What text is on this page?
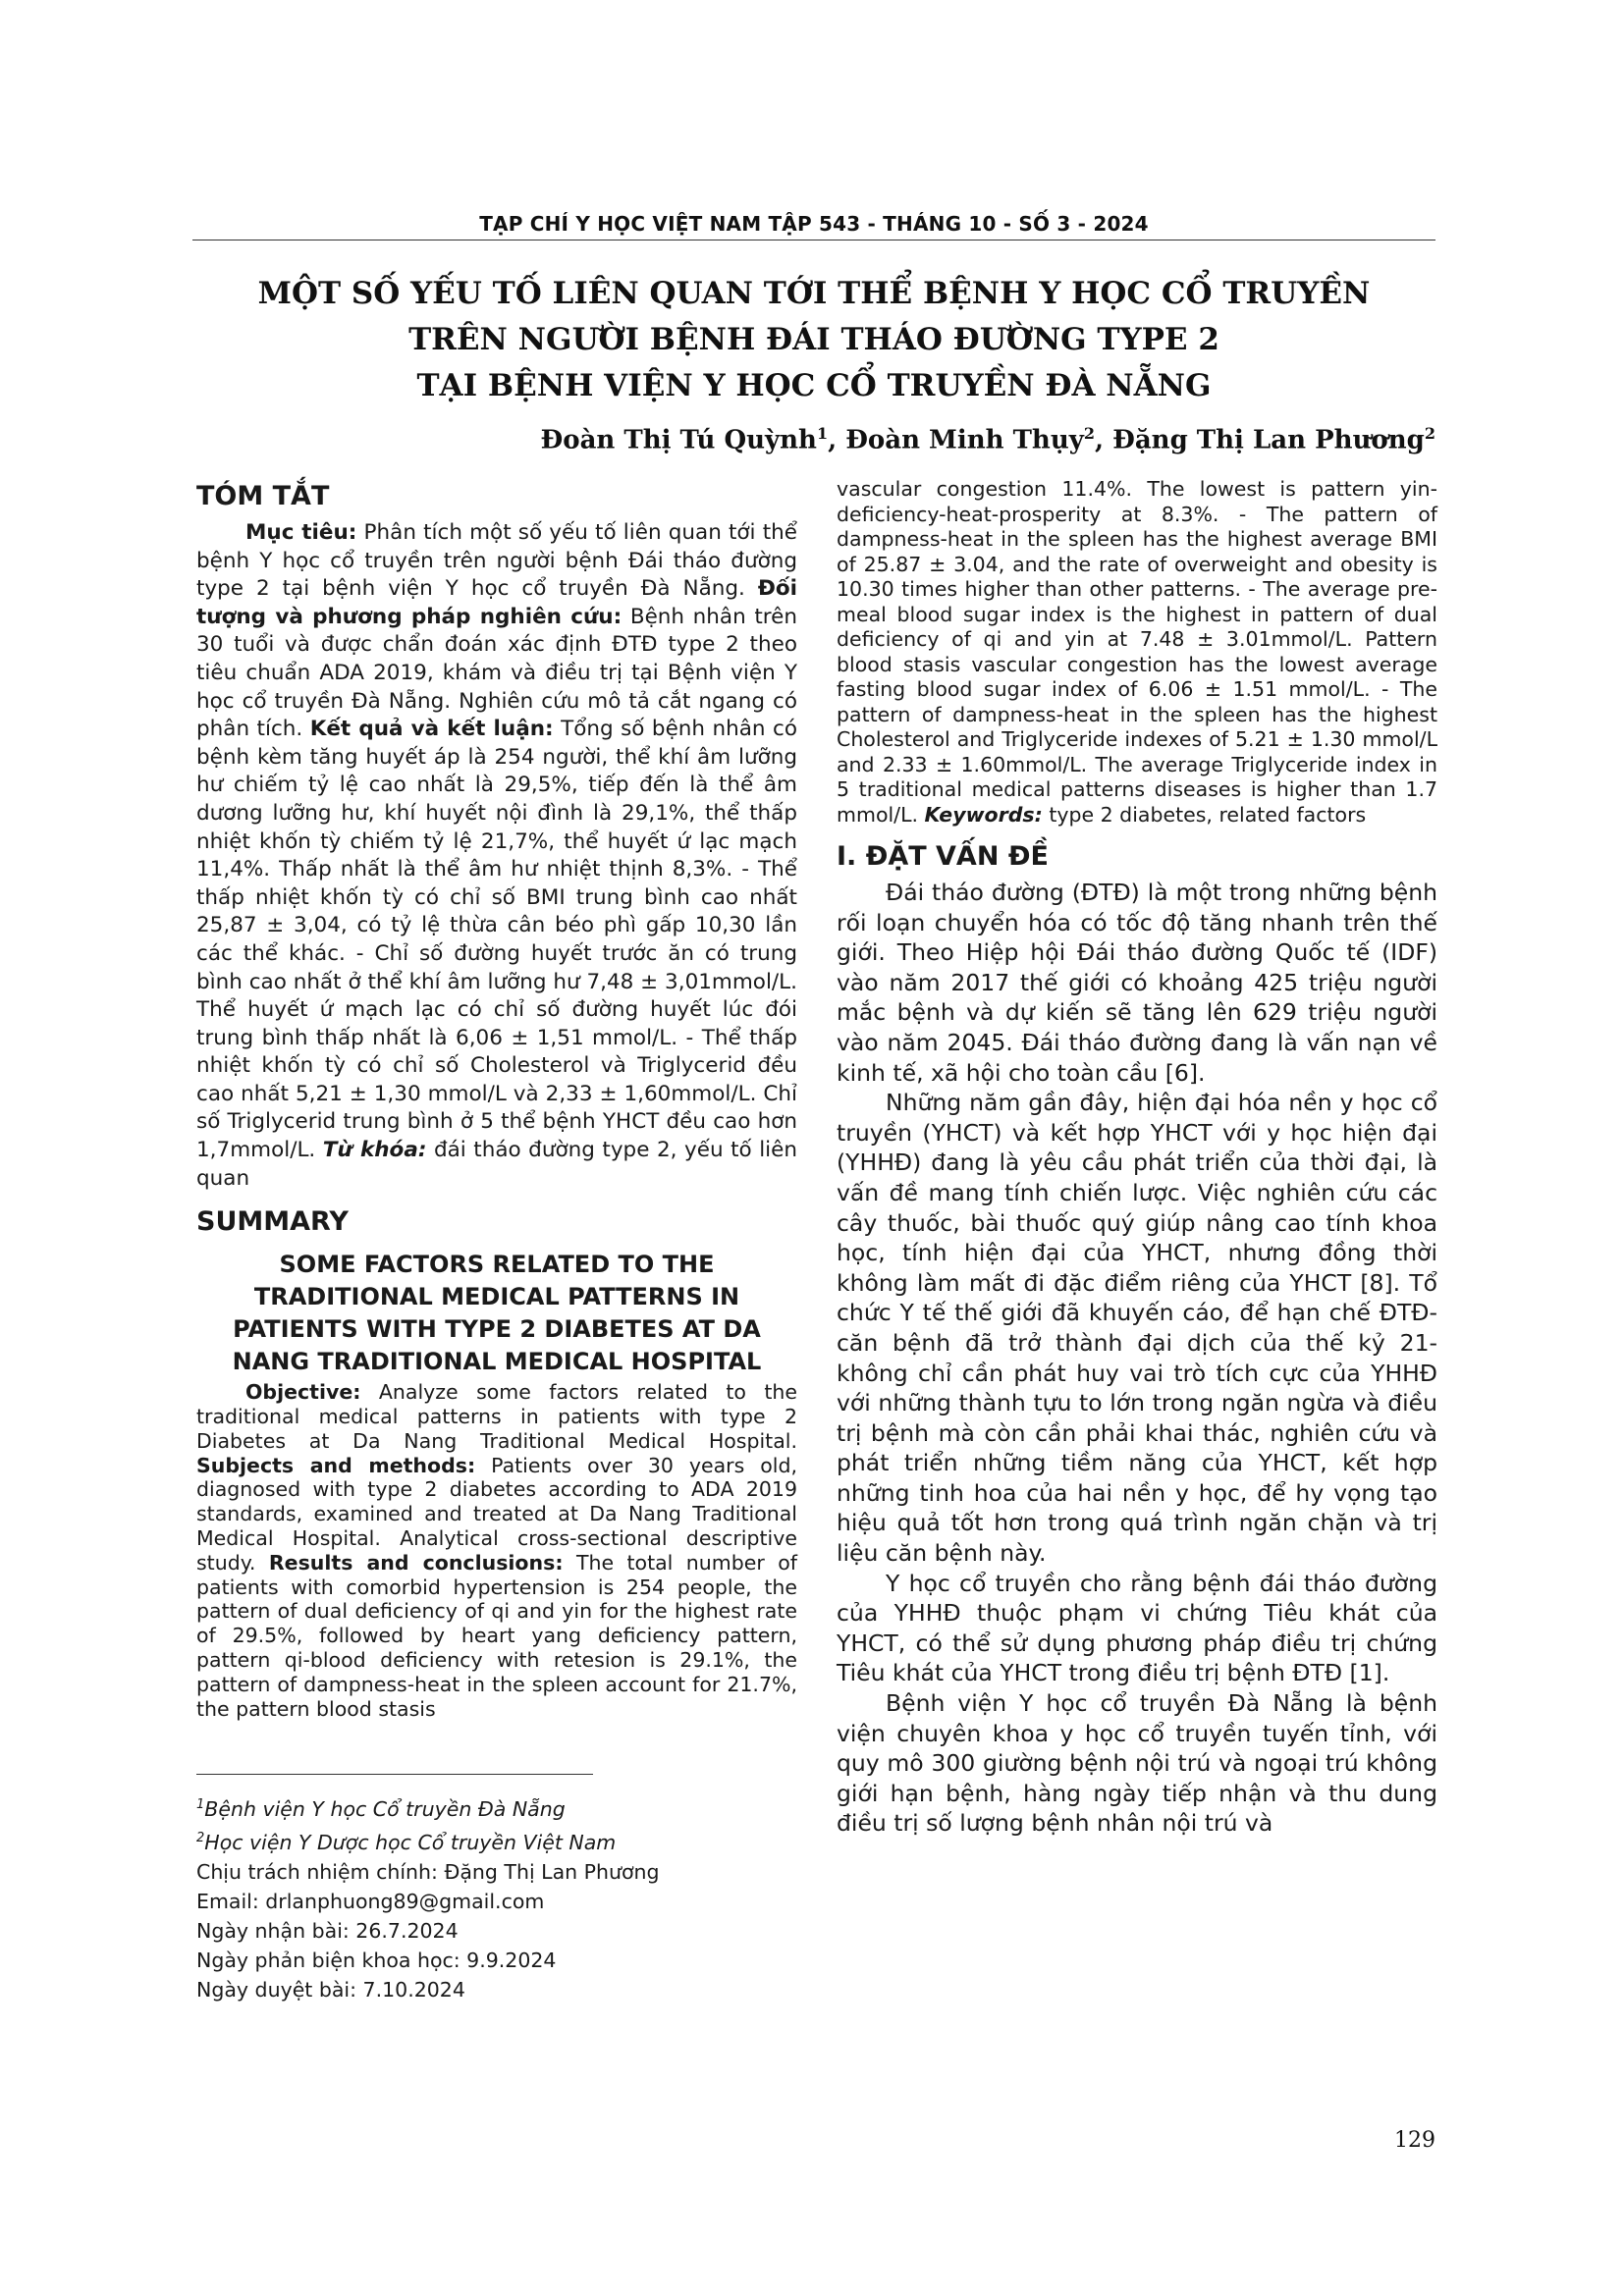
TẠP CHÍ Y HỌC VIỆT NAM TẬP 543 - THÁNG 10 - SỐ 3 - 2024
MỘT SỐ YẾU TỐ LIÊN QUAN TỚI THỂ BỆNH Y HỌC CỔ TRUYỀN
TRÊN NGƯỜI BỆNH ĐÁI THÁO ĐƯỜNG TYPE 2
TẠI BỆNH VIỆN Y HỌC CỔ TRUYỀN ĐÀ NẴNG
Đoàn Thị Tú Quỳnh$^1$, Đoàn Minh Thụy$^2$, Đặng Thị Lan Phương$^2$
TÓM TẮT

Mục tiêu: Phân tích một số yếu tố liên quan tới thể bệnh Y học cổ truyền trên người bệnh Đái tháo đường type 2 tại bệnh viện Y học cổ truyền Đà Nẵng. Đối tượng và phương pháp nghiên cứu: Bệnh nhân trên 30 tuổi và được chẩn đoán xác định ĐTĐ type 2 theo tiêu chuẩn ADA 2019, khám và điều trị tại Bệnh viện Y học cổ truyền Đà Nẵng. Nghiên cứu mô tả cắt ngang có phân tích. Kết quả và kết luận: Tổng số bệnh nhân có bệnh kèm tăng huyết áp là 254 người, thể khí âm lưỡng hư chiếm tỷ lệ cao nhất là 29,5%, tiếp đến là thể âm dương lưỡng hư, khí huyết nội đình là 29,1%, thể thấp nhiệt khốn tỳ chiếm tỷ lệ 21,7%, thể huyết ứ lạc mạch 11,4%. Thấp nhất là thể âm hư nhiệt thịnh 8,3%. - Thể thấp nhiệt khốn tỳ có chỉ số BMI trung bình cao nhất 25,87 ± 3,04, có tỷ lệ thừa cân béo phì gấp 10,30 lần các thể khác. - Chỉ số đường huyết trước ăn có trung bình cao nhất ở thể khí âm lưỡng hư 7,48 ± 3,01mmol/L. Thể huyết ứ mạch lạc có chỉ số đường huyết lúc đói trung bình thấp nhất là 6,06 ± 1,51 mmol/L. - Thể thấp nhiệt khốn tỳ có chỉ số Cholesterol và Triglycerid đều cao nhất 5,21 ± 1,30 mmol/L và 2,33 ± 1,60mmol/L. Chỉ số Triglycerid trung bình ở 5 thể bệnh YHCT đều cao hơn 1,7mmol/L. Từ khóa: đái tháo đường type 2, yếu tố liên quan

SUMMARY
SOME FACTORS RELATED TO THE TRADITIONAL MEDICAL PATTERNS IN PATIENTS WITH TYPE 2 DIABETES AT DA NANG TRADITIONAL MEDICAL HOSPITAL

Objective: Analyze some factors related to the traditional medical patterns in patients with type 2 Diabetes at Da Nang Traditional Medical Hospital. Subjects and methods: Patients over 30 years old, diagnosed with type 2 diabetes according to ADA 2019 standards, examined and treated at Da Nang Traditional Medical Hospital. Analytical cross-sectional descriptive study. Results and conclusions: The total number of patients with comorbid hypertension is 254 people, the pattern of dual deficiency of qi and yin for the highest rate of 29.5%, followed by heart yang deficiency pattern, pattern qi-blood deficiency with retesion is 29.1%, the pattern of dampness-heat in the spleen account for 21.7%, the pattern blood stasis

$^1$Bệnh viện Y học Cổ truyền Đà Nẵng
$^2$Học viện Y Dược học Cổ truyền Việt Nam
Chịu trách nhiệm chính: Đặng Thị Lan Phương
Email: drlanphuong89@gmail.com
Ngày nhận bài: 26.7.2024
Ngày phản biện khoa học: 9.9.2024
Ngày duyệt bài: 7.10.2024

vascular congestion 11.4%. The lowest is pattern yin-deficiency-heat-prosperity at 8.3%. - The pattern of dampness-heat in the spleen has the highest average BMI of 25.87 ± 3.04, and the rate of overweight and obesity is 10.30 times higher than other patterns. - The average pre-meal blood sugar index is the highest in pattern of dual deficiency of qi and yin at 7.48 ± 3.01mmol/L. Pattern blood stasis vascular congestion has the lowest average fasting blood sugar index of 6.06 ± 1.51 mmol/L. - The pattern of dampness-heat in the spleen has the highest Cholesterol and Triglyceride indexes of 5.21 ± 1.30 mmol/L and 2.33 ± 1.60mmol/L. The average Triglyceride index in 5 traditional medical patterns diseases is higher than 1.7 mmol/L. Keywords: type 2 diabetes, related factors

I. ĐẶT VẤN ĐỀ

Đái tháo đường (ĐTĐ) là một trong những bệnh rối loạn chuyển hóa có tốc độ tăng nhanh trên thế giới. Theo Hiệp hội Đái tháo đường Quốc tế (IDF) vào năm 2017 thế giới có khoảng 425 triệu người mắc bệnh và dự kiến sẽ tăng lên 629 triệu người vào năm 2045. Đái tháo đường đang là vấn nạn về kinh tế, xã hội cho toàn cầu [6].

Những năm gần đây, hiện đại hóa nền y học cổ truyền (YHCT) và kết hợp YHCT với y học hiện đại (YHHĐ) đang là yêu cầu phát triển của thời đại, là vấn đề mang tính chiến lược. Việc nghiên cứu các cây thuốc, bài thuốc quý giúp nâng cao tính khoa học, tính hiện đại của YHCT, nhưng đồng thời không làm mất đi đặc điểm riêng của YHCT [8]. Tổ chức Y tế thế giới đã khuyến cáo, để hạn chế ĐTĐ-căn bệnh đã trở thành đại dịch của thế kỷ 21- không chỉ cần phát huy vai trò tích cực của YHHĐ với những thành tựu to lớn trong ngăn ngừa và điều trị bệnh mà còn cần phải khai thác, nghiên cứu và phát triển những tiềm năng của YHCT, kết hợp những tinh hoa của hai nền y học, để hy vọng tạo hiệu quả tốt hơn trong quá trình ngăn chặn và trị liệu căn bệnh này.

Y học cổ truyền cho rằng bệnh đái tháo đường của YHHĐ thuộc phạm vi chứng Tiêu khát của YHCT, có thể sử dụng phương pháp điều trị chứng Tiêu khát của YHCT trong điều trị bệnh ĐTĐ [1].

Bệnh viện Y học cổ truyền Đà Nẵng là bệnh viện chuyên khoa y học cổ truyền tuyến tỉnh, với quy mô 300 giường bệnh nội trú và ngoại trú không giới hạn bệnh, hàng ngày tiếp nhận và thu dung điều trị số lượng bệnh nhân nội trú và

129
